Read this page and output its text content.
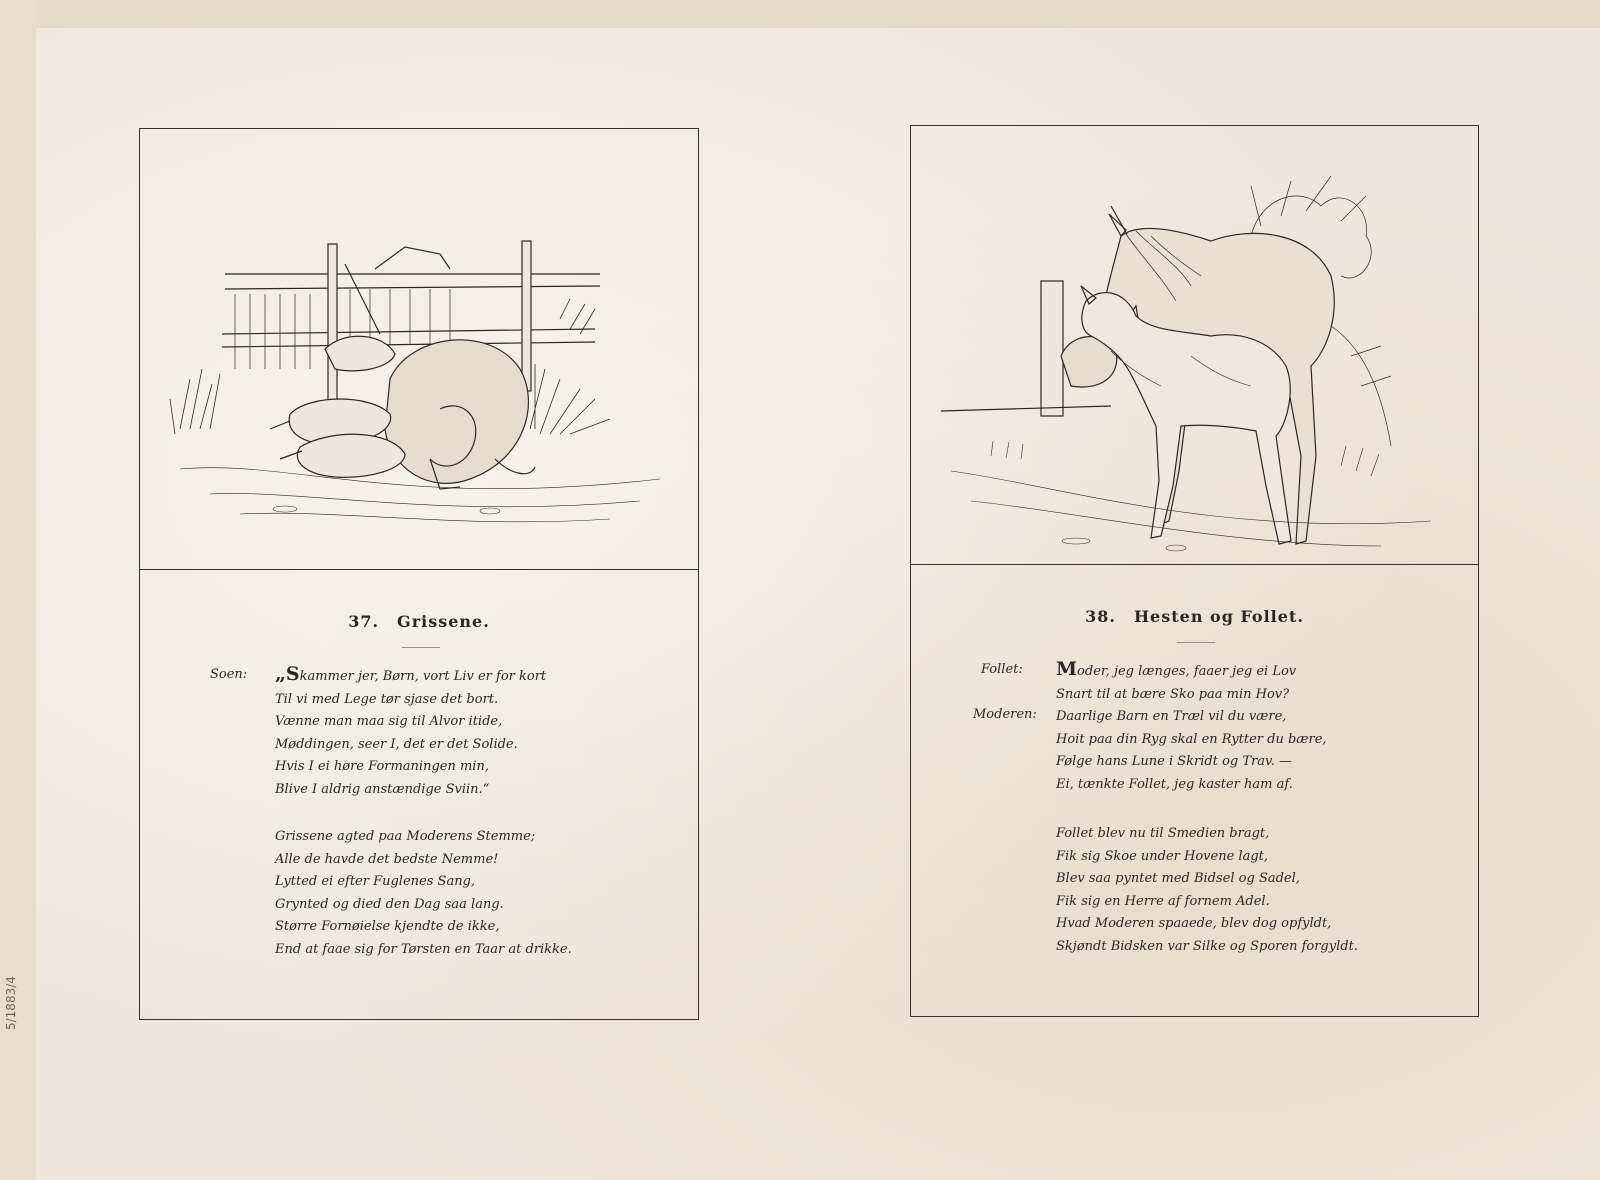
5/1883/4
37. Grissene.
Soen: „Skammer jer, Børn, vort Liv er for kort
Til vi med Lege tør sjase det bort.
Vænne man maa sig til Alvor itide,
Møddingen, seer I, det er det Solide.
Hvis I ei høre Formaningen min,
Blive I aldrig anstændige Sviin.“
Grissene agted paa Moderens Stemme;
Alle de havde det bedste Nemme!
Lytted ei efter Fuglenes Sang,
Grynted og died den Dag saa lang.
Større Fornøielse kjendte de ikke,
End at faae sig for Tørsten en Taar at drikke.
38. Hesten og Follet.
Follet:
Moderen:
Moder, jeg længes, faaer jeg ei Lov
Snart til at bære Sko paa min Hov?
Daarlige Barn en Træl vil du være,
Hoit paa din Ryg skal en Rytter du bære,
Følge hans Lune i Skridt og Trav. —
Ei, tænkte Follet, jeg kaster ham af.
Follet blev nu til Smedien bragt,
Fik sig Skoe under Hovene lagt,
Blev saa pyntet med Bidsel og Sadel,
Fik sig en Herre af fornem Adel.
Hvad Moderen spaaede, blev dog opfyldt,
Skjøndt Bidsken var Silke og Sporen forgyldt.
